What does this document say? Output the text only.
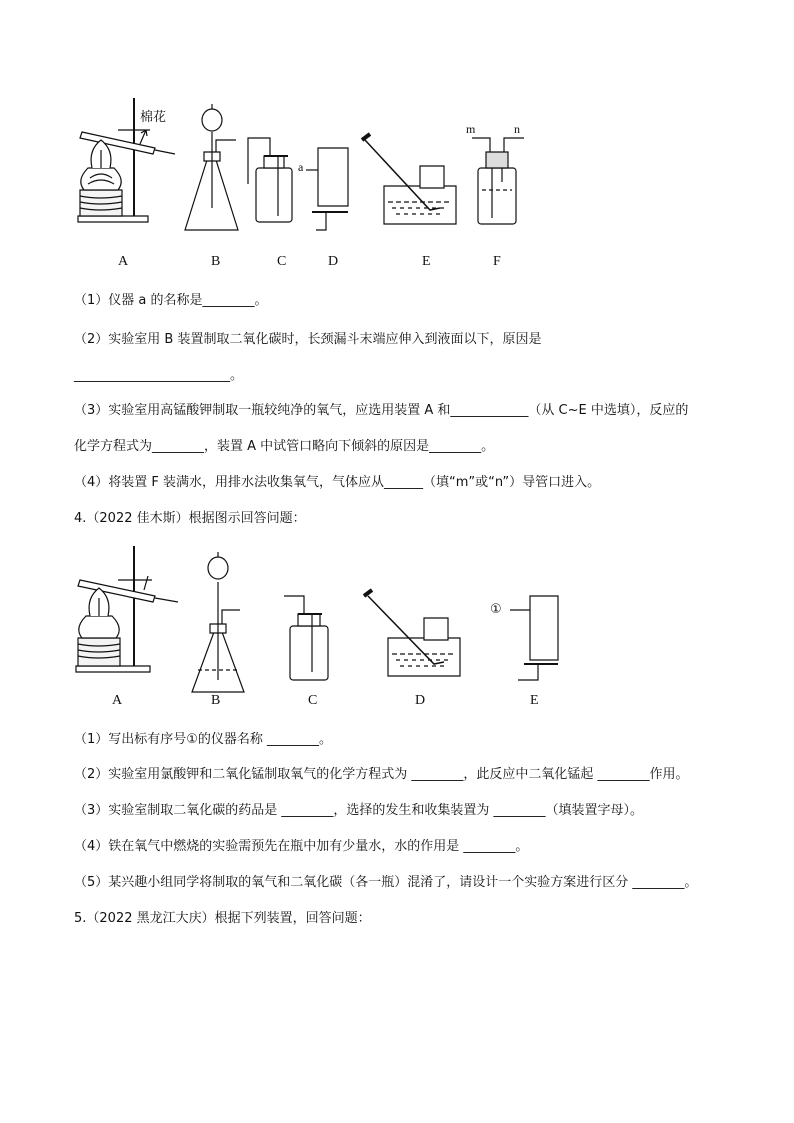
棉花
a
m	n
A	B	C	D	E	F
（1）仪器 a 的名称是________。
（2）实验室用 B 装置制取二氧化碳时，长颈漏斗末端应伸入到液面以下，原因是
________________________。
（3）实验室用高锰酸钾制取一瓶较纯净的氧气，应选用装置 A 和____________（从 C~E 中选填），反应的
化学方程式为________，装置 A 中试管口略向下倾斜的原因是________。
（4）将装置 F 装满水，用排水法收集氧气，气体应从______（填“m”或“n”）导管口进入。
4.（2022 佳木斯）根据图示回答问题：
①
A	B	C	D	E
（1）写出标有序号①的仪器名称 ________。
（2）实验室用氯酸钾和二氧化锰制取氧气的化学方程式为 ________，此反应中二氧化锰起 ________作用。
（3）实验室制取二氧化碳的药品是 ________，选择的发生和收集装置为 ________（填装置字母）。
（4）铁在氧气中燃烧的实验需预先在瓶中加有少量水，水的作用是 ________。
（5）某兴趣小组同学将制取的氧气和二氧化碳（各一瓶）混淆了，请设计一个实验方案进行区分 ________。
5.（2022 黑龙江大庆）根据下列装置，回答问题：
